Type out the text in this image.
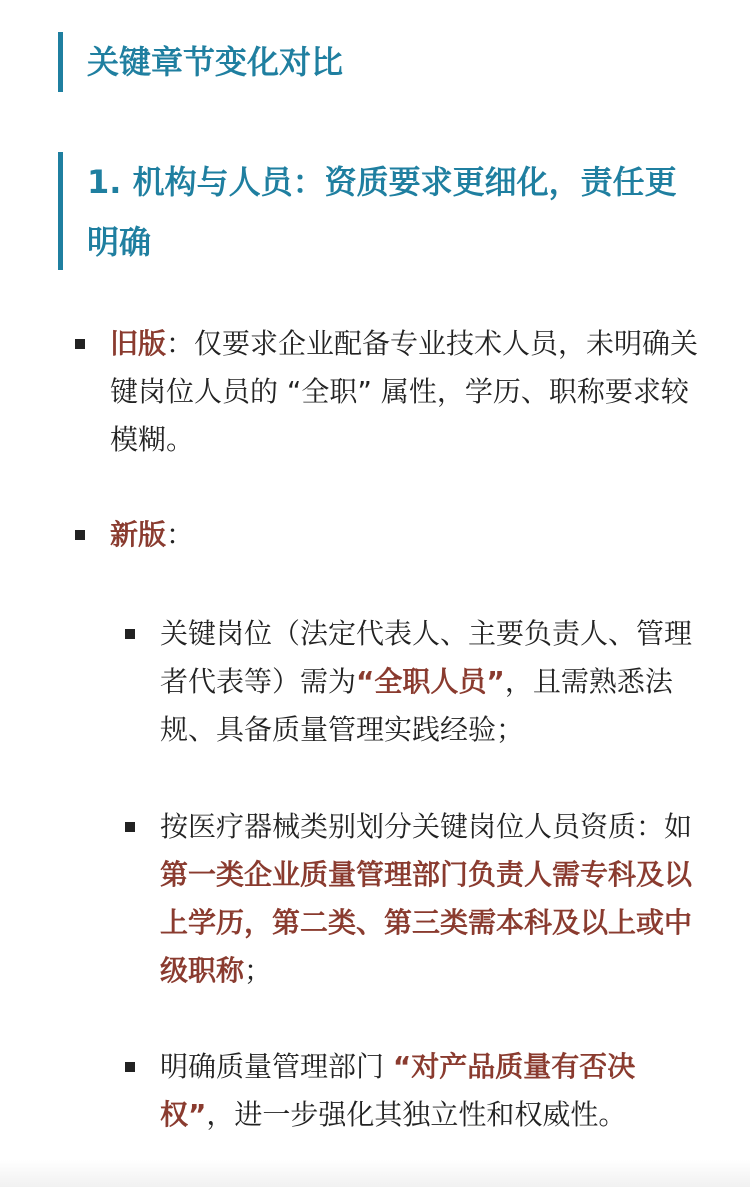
关键章节变化对比
1. 机构与人员：资质要求更细化，责任更明确
旧版：仅要求企业配备专业技术人员，未明确关键岗位人员的 “全职” 属性，学历、职称要求较模糊。
新版：
关键岗位（法定代表人、主要负责人、管理者代表等）需为“全职人员”，且需熟悉法规、具备质量管理实践经验；
按医疗器械类别划分关键岗位人员资质：如 第一类企业质量管理部门负责人需专科及以上学历，第二类、第三类需本科及以上或中级职称；
明确质量管理部门 “对产品质量有否决权”，进一步强化其独立性和权威性。
